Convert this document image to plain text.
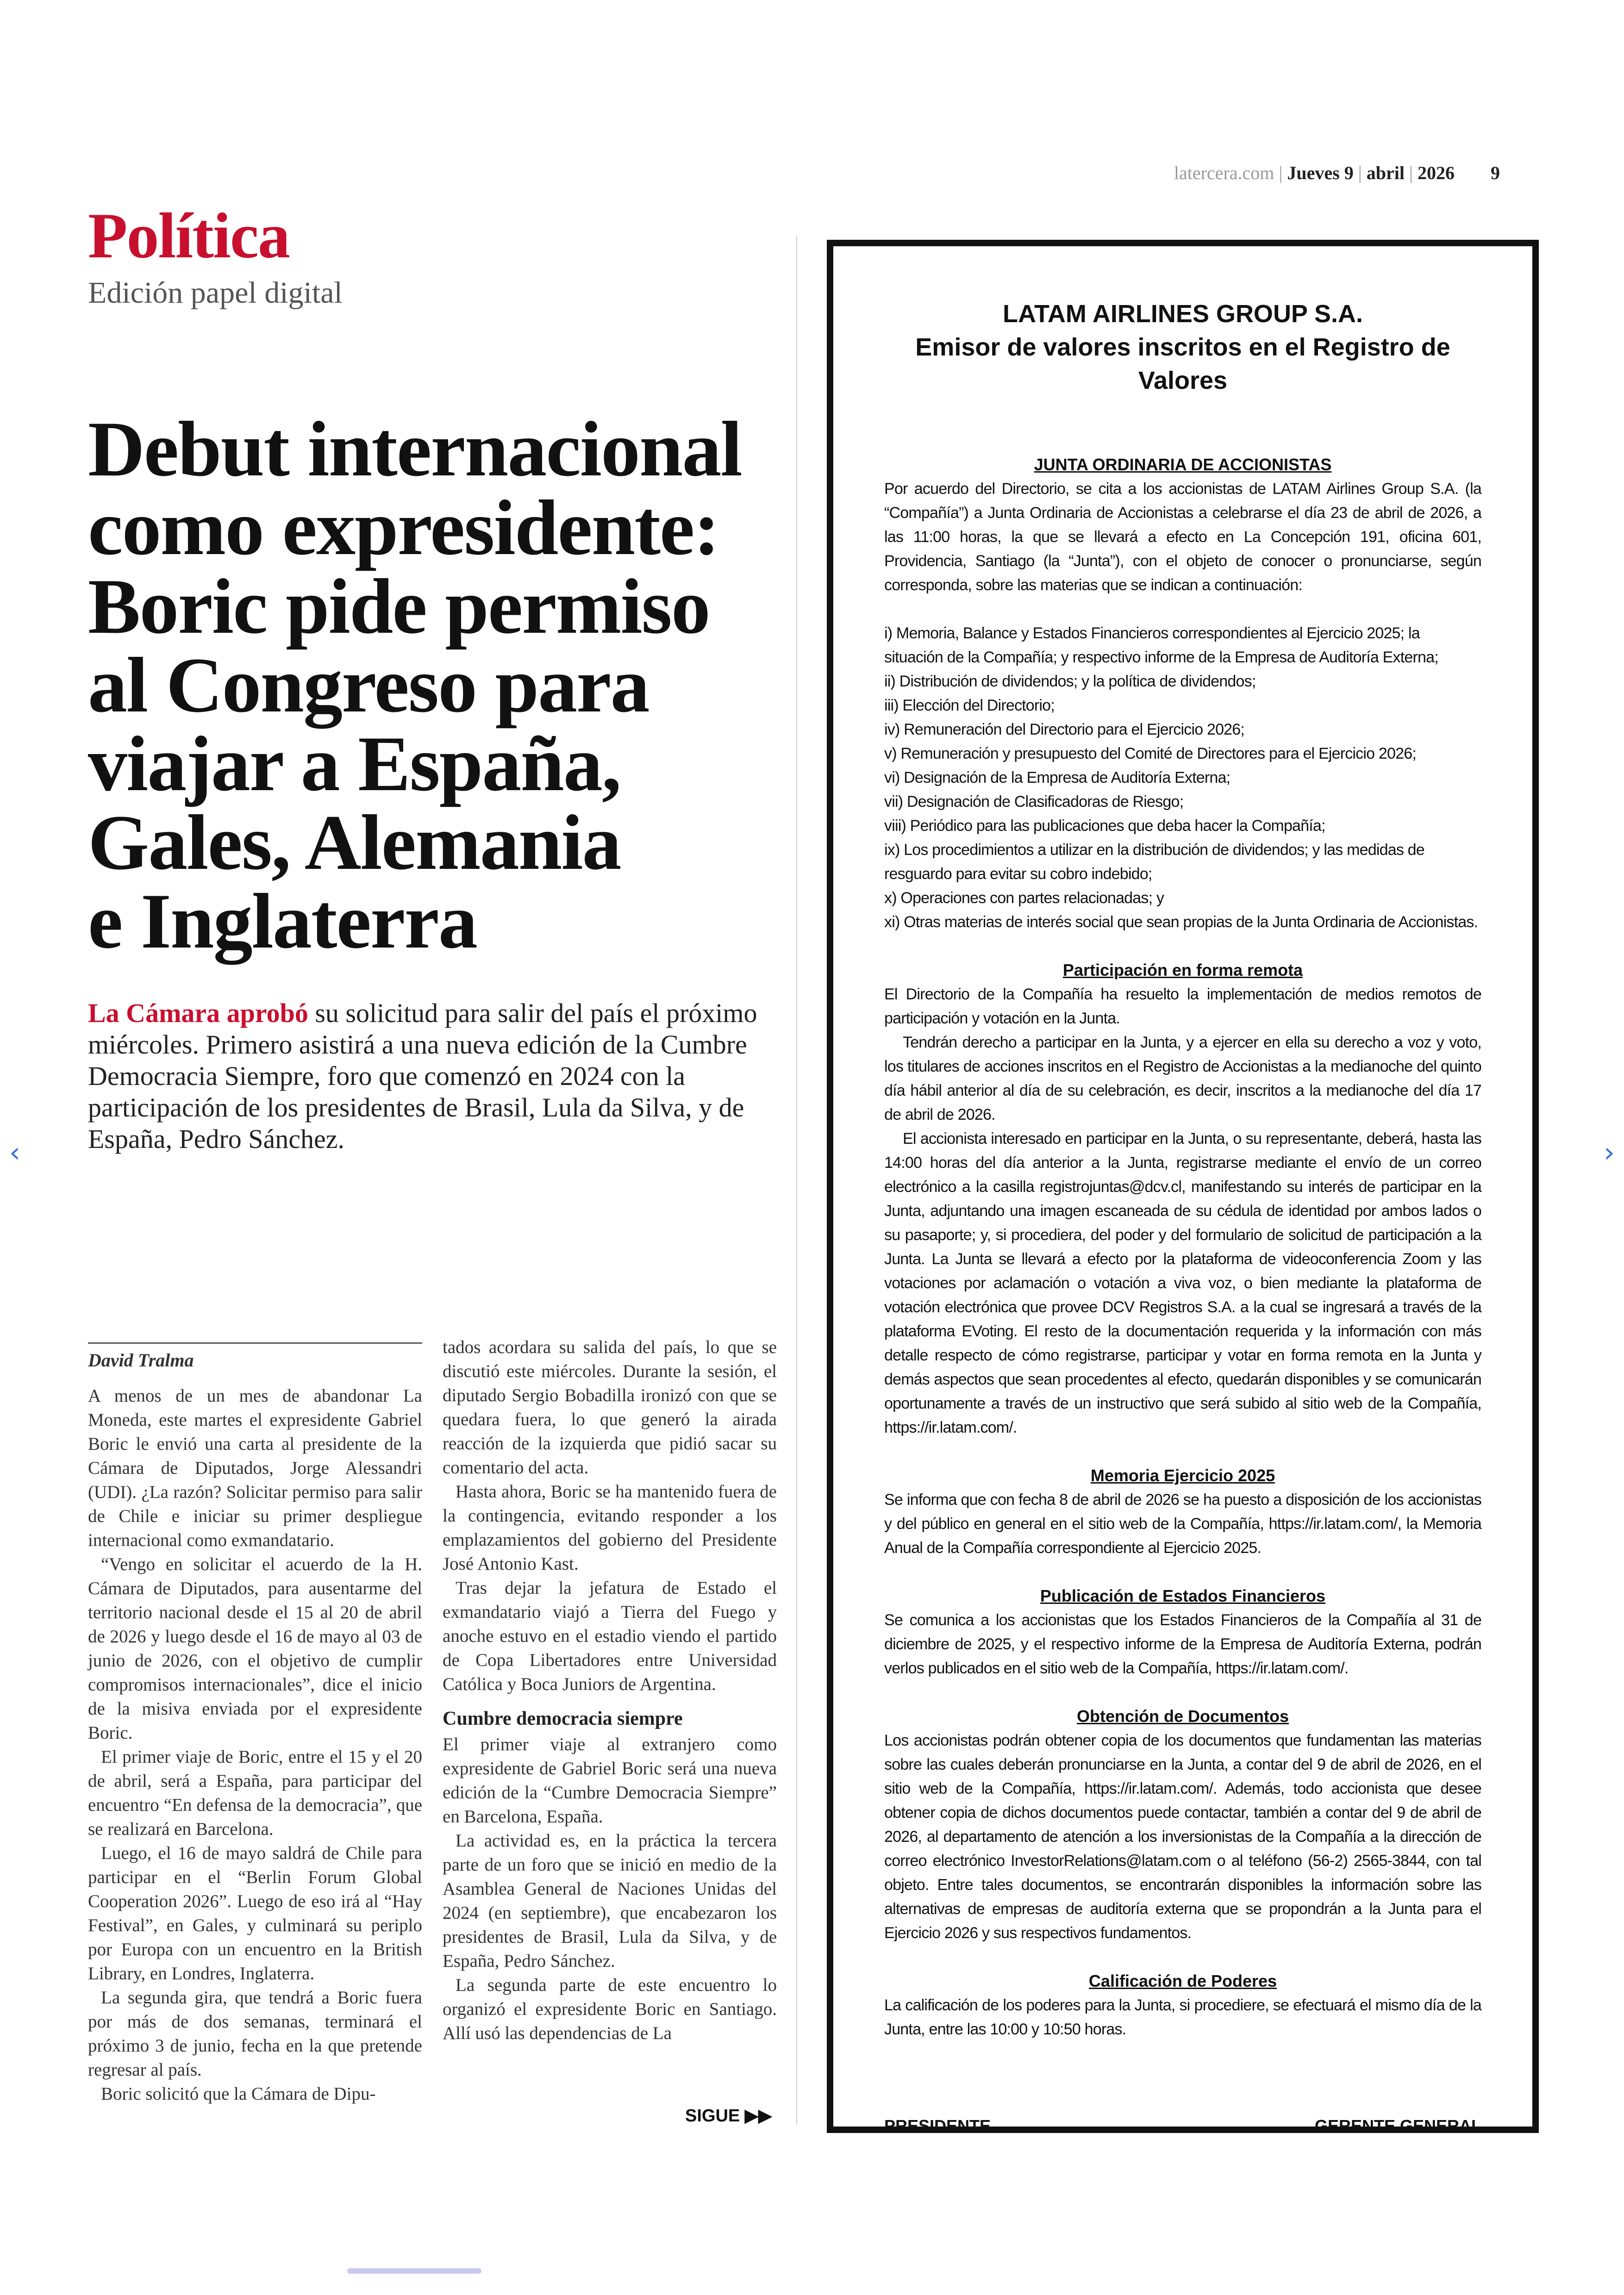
latercera.com | Jueves 9 | abril | 2026 9
Política
Edición papel digital
Debut internacional
como expresidente:
Boric pide permiso
al Congreso para
viajar a España,
Gales, Alemania
e Inglaterra
La Cámara aprobó su solicitud para salir del país el próximo miércoles. Primero asistirá a una nueva edición de la Cumbre Democracia Siempre, foro que comenzó en 2024 con la participación de los presidentes de Brasil, Lula da Silva, y de España, Pedro Sánchez.
David Tralma

A menos de un mes de abandonar La Moneda, este martes el expresidente Gabriel Boric le envió una carta al presidente de la Cámara de Diputados, Jorge Alessandri (UDI). ¿La razón? Solicitar permiso para salir de Chile e iniciar su primer despliegue internacional como exmandatario.

“Vengo en solicitar el acuerdo de la H. Cámara de Diputados, para ausentarme del territorio nacional desde el 15 al 20 de abril de 2026 y luego desde el 16 de mayo al 03 de junio de 2026, con el objetivo de cumplir compromisos internacionales”, dice el inicio de la misiva enviada por el expresidente Boric.

El primer viaje de Boric, entre el 15 y el 20 de abril, será a España, para participar del encuentro “En defensa de la democracia”, que se realizará en Barcelona.

Luego, el 16 de mayo saldrá de Chile para participar en el “Berlin Forum Global Cooperation 2026”. Luego de eso irá al “Hay Festival”, en Gales, y culminará su periplo por Europa con un encuentro en la British Library, en Londres, Inglaterra.

La segunda gira, que tendrá a Boric fuera por más de dos semanas, terminará el próximo 3 de junio, fecha en la que pretende regresar al país.

Boric solicitó que la Cámara de Dipu-

tados acordara su salida del país, lo que se discutió este miércoles. Durante la sesión, el diputado Sergio Bobadilla ironizó con que se quedara fuera, lo que generó la airada reacción de la izquierda que pidió sacar su comentario del acta.

Hasta ahora, Boric se ha mantenido fuera de la contingencia, evitando responder a los emplazamientos del gobierno del Presidente José Antonio Kast.

Tras dejar la jefatura de Estado el exmandatario viajó a Tierra del Fuego y anoche estuvo en el estadio viendo el partido de Copa Libertadores entre Universidad Católica y Boca Juniors de Argentina.

Cumbre democracia siempre

El primer viaje al extranjero como expresidente de Gabriel Boric será una nueva edición de la “Cumbre Democracia Siempre” en Barcelona, España.

La actividad es, en la práctica la tercera parte de un foro que se inició en medio de la Asamblea General de Naciones Unidas del 2024 (en septiembre), que encabezaron los presidentes de Brasil, Lula da Silva, y de España, Pedro Sánchez.

La segunda parte de este encuentro lo organizó el expresidente Boric en Santiago. Allí usó las dependencias de La

SIGUE ▶▶
LATAM AIRLINES GROUP S.A.
Emisor de valores inscritos en el Registro de Valores
JUNTA ORDINARIA DE ACCIONISTAS

Por acuerdo del Directorio, se cita a los accionistas de LATAM Airlines Group S.A. (la “Compañía”) a Junta Ordinaria de Accionistas a celebrarse el día 23 de abril de 2026, a las 11:00 horas, la que se llevará a efecto en La Concepción 191, oficina 601, Providencia, Santiago (la “Junta”), con el objeto de conocer o pronunciarse, según corresponda, sobre las materias que se indican a continuación:

i) Memoria, Balance y Estados Financieros correspondientes al Ejercicio 2025; la situación de la Compañía; y respectivo informe de la Empresa de Auditoría Externa;
ii) Distribución de dividendos; y la política de dividendos;
iii) Elección del Directorio;
iv) Remuneración del Directorio para el Ejercicio 2026;
v) Remuneración y presupuesto del Comité de Directores para el Ejercicio 2026;
vi) Designación de la Empresa de Auditoría Externa;
vii) Designación de Clasificadoras de Riesgo;
viii) Periódico para las publicaciones que deba hacer la Compañía;
ix) Los procedimientos a utilizar en la distribución de dividendos; y las medidas de resguardo para evitar su cobro indebido;
x) Operaciones con partes relacionadas; y
xi) Otras materias de interés social que sean propias de la Junta Ordinaria de Accionistas.
Participación en forma remota

El Directorio de la Compañía ha resuelto la implementación de medios remotos de participación y votación en la Junta.

Tendrán derecho a participar en la Junta, y a ejercer en ella su derecho a voz y voto, los titulares de acciones inscritos en el Registro de Accionistas a la medianoche del quinto día hábil anterior al día de su celebración, es decir, inscritos a la medianoche del día 17 de abril de 2026.

El accionista interesado en participar en la Junta, o su representante, deberá, hasta las 14:00 horas del día anterior a la Junta, registrarse mediante el envío de un correo electrónico a la casilla registrojuntas@dcv.cl, manifestando su interés de participar en la Junta, adjuntando una imagen escaneada de su cédula de identidad por ambos lados o su pasaporte; y, si procediera, del poder y del formulario de solicitud de participación a la Junta. La Junta se llevará a efecto por la plataforma de videoconferencia Zoom y las votaciones por aclamación o votación a viva voz, o bien mediante la plataforma de votación electrónica que provee DCV Registros S.A. a la cual se ingresará a través de la plataforma EVoting. El resto de la documentación requerida y la información con más detalle respecto de cómo registrarse, participar y votar en forma remota en la Junta y demás aspectos que sean procedentes al efecto, quedarán disponibles y se comunicarán oportunamente a través de un instructivo que será subido al sitio web de la Compañía, https://ir.latam.com/.

Memoria Ejercicio 2025

Se informa que con fecha 8 de abril de 2026 se ha puesto a disposición de los accionistas y del público en general en el sitio web de la Compañía, https://ir.latam.com/, la Memoria Anual de la Compañía correspondiente al Ejercicio 2025.

Publicación de Estados Financieros

Se comunica a los accionistas que los Estados Financieros de la Compañía al 31 de diciembre de 2025, y el respectivo informe de la Empresa de Auditoría Externa, podrán verlos publicados en el sitio web de la Compañía, https://ir.latam.com/.

Obtención de Documentos

Los accionistas podrán obtener copia de los documentos que fundamentan las materias sobre las cuales deberán pronunciarse en la Junta, a contar del 9 de abril de 2026, en el sitio web de la Compañía, https://ir.latam.com/. Además, todo accionista que desee obtener copia de dichos documentos puede contactar, también a contar del 9 de abril de 2026, al departamento de atención a los inversionistas de la Compañía a la dirección de correo electrónico InvestorRelations@latam.com o al teléfono (56-2) 2565-3844, con tal objeto. Entre tales documentos, se encontrarán disponibles la información sobre las alternativas de empresas de auditoría externa que se propondrán a la Junta para el Ejercicio 2026 y sus respectivos fundamentos.

Calificación de Poderes

La calificación de los poderes para la Junta, si procediere, se efectuará el mismo día de la Junta, entre las 10:00 y 10:50 horas.

PRESIDENTE	GERENTE GENERAL
‹	›
